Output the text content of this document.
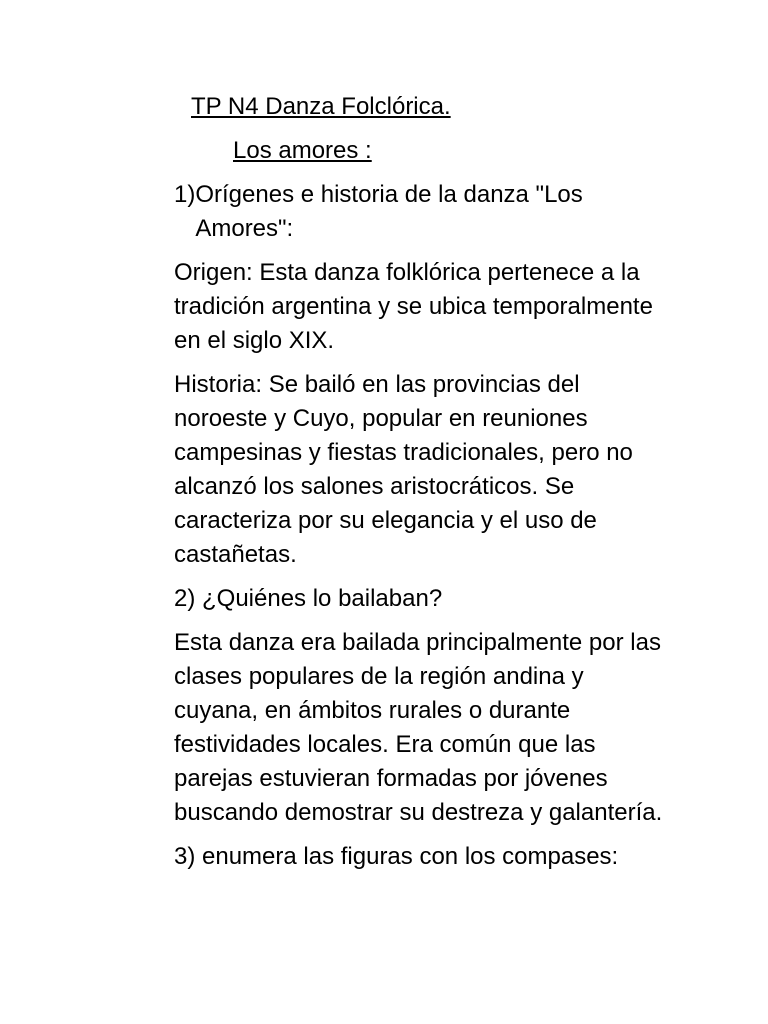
TP N4 Danza Folclórica.
Los amores :
1) Orígenes e historia de la danza "Los Amores":

Origen: Esta danza folklórica pertenece a la tradición argentina y se ubica temporalmente en el siglo XIX.

Historia: Se bailó en las provincias del noroeste y Cuyo, popular en reuniones campesinas y fiestas tradicionales, pero no alcanzó los salones aristocráticos. Se caracteriza por su elegancia y el uso de castañetas.

2) ¿Quiénes lo bailaban?

Esta danza era bailada principalmente por las clases populares de la región andina y cuyana, en ámbitos rurales o durante festividades locales. Era común que las parejas estuvieran formadas por jóvenes buscando demostrar su destreza y galantería.

3) enumera las figuras con los compases:
